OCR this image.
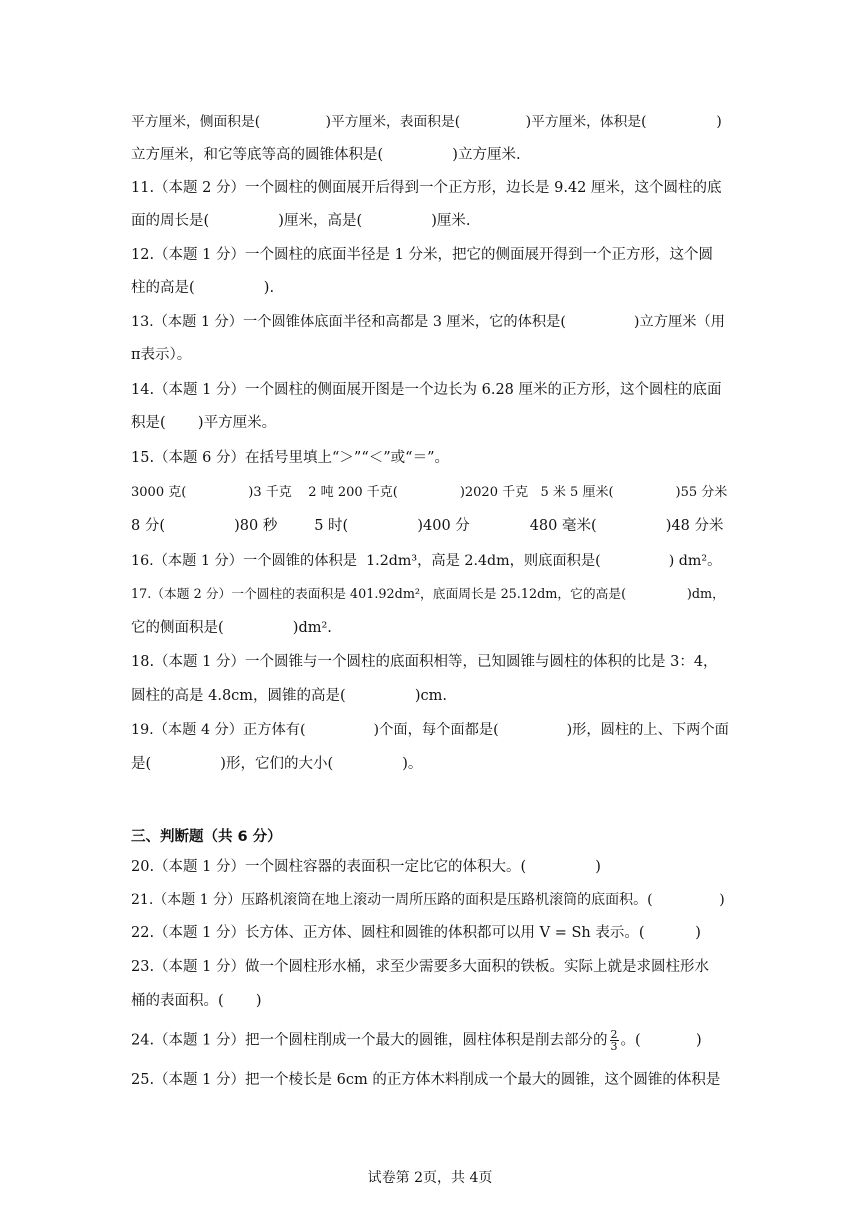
平方厘米，侧面积是(               )平方厘米，表面积是(               )平方厘米，体积是(                )
立方厘米，和它等底等高的圆锥体积是(               )立方厘米.
11.（本题 2 分）一个圆柱的侧面展开后得到一个正方形，边长是 9.42 厘米，这个圆柱的底
面的周长是(               )厘米，高是(               )厘米.
12.（本题 1 分）一个圆柱的底面半径是 1 分米，把它的侧面展开得到一个正方形，这个圆
柱的高是(               ).
13.（本题 1 分）一个圆锥体底面半径和高都是 3 厘米，它的体积是(               )立方厘米（用
π表示）。
14.（本题 1 分）一个圆柱的侧面展开图是一个边长为 6.28 厘米的正方形，这个圆柱的底面
积是(       )平方厘米。
15.（本题 6 分）在括号里填上“＞”“＜”或“＝”。
3000 克(               )3 千克    2 吨 200 千克(               )2020 千克   5 米 5 厘米(               )55 分米
8 分(               )80 秒        5 时(               )400 分             480 毫米(               )48 分米
16.（本题 1 分）一个圆锥的体积是  1.2dm³，高是 2.4dm，则底面积是(               ) dm²。
17.（本题 2 分）一个圆柱的表面积是 401.92dm²，底面周长是 25.12dm，它的高是(               )dm，
它的侧面积是(               )dm².
18.（本题 1 分）一个圆锥与一个圆柱的底面积相等，已知圆锥与圆柱的体积的比是 3：4，
圆柱的高是 4.8cm，圆锥的高是(               )cm.
19.（本题 4 分）正方体有(               )个面，每个面都是(               )形，圆柱的上、下两个面
是(               )形，它们的大小(               )。
三、判断题（共 6 分）
20.（本题 1 分）一个圆柱容器的表面积一定比它的体积大。(               )
21.（本题 1 分）压路机滚筒在地上滚动一周所压路的面积是压路机滚筒的底面积。(               )
22.（本题 1 分）长方体、正方体、圆柱和圆锥的体积都可以用 V = Sh 表示。(           )
23.（本题 1 分）做一个圆柱形水桶，求至少需要多大面积的铁板。实际上就是求圆柱形水
桶的表面积。(       )
24.（本题 1 分）把一个圆柱削成一个最大的圆锥，圆柱体积是削去部分的 $\frac{2}{3}$ 。(            )
25.（本题 1 分）把一个棱长是 6cm 的正方体木料削成一个最大的圆锥，这个圆锥的体积是
试卷第 2页，共 4页
